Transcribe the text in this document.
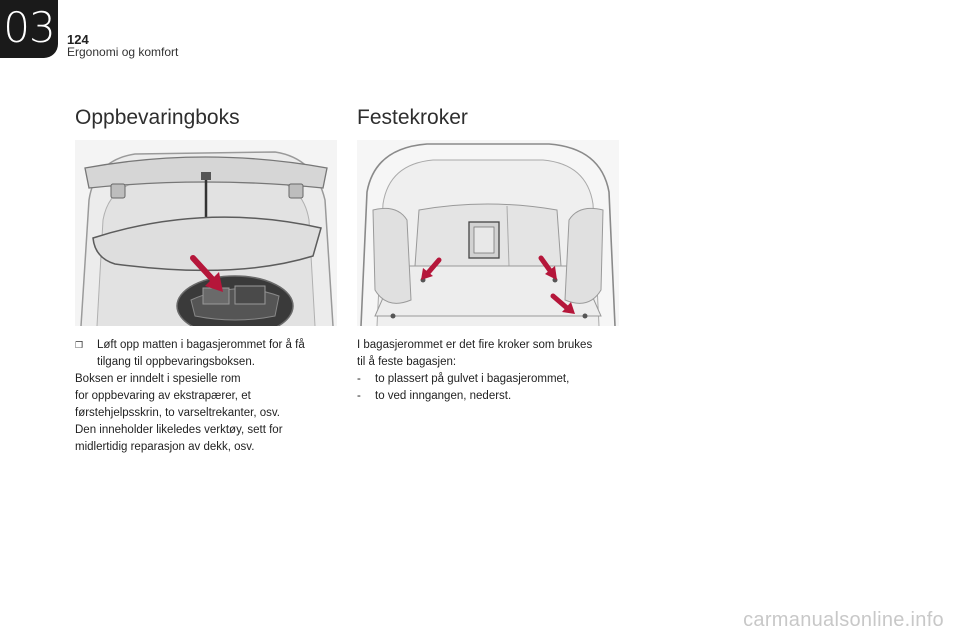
03 124
Ergonomi og komfort
Oppbevaringboks	Festekroker
❒	Løft opp matten i bagasjerommet for å få tilgang til oppbevaringsboksen.

Boksen er inndelt i spesielle rom

for oppbevaring av ekstrapærer, et

førstehjelpsskrin, to varseltrekanter, osv.

Den inneholder likeledes verktøy, sett for

midlertidig reparasjon av dekk, osv.

I bagasjerommet er det fire kroker som brukes

til å feste bagasjen:

-	to plassert på gulvet i bagasjerommet,
-	to ved inngangen, nederst.
carmanualsonline.info
